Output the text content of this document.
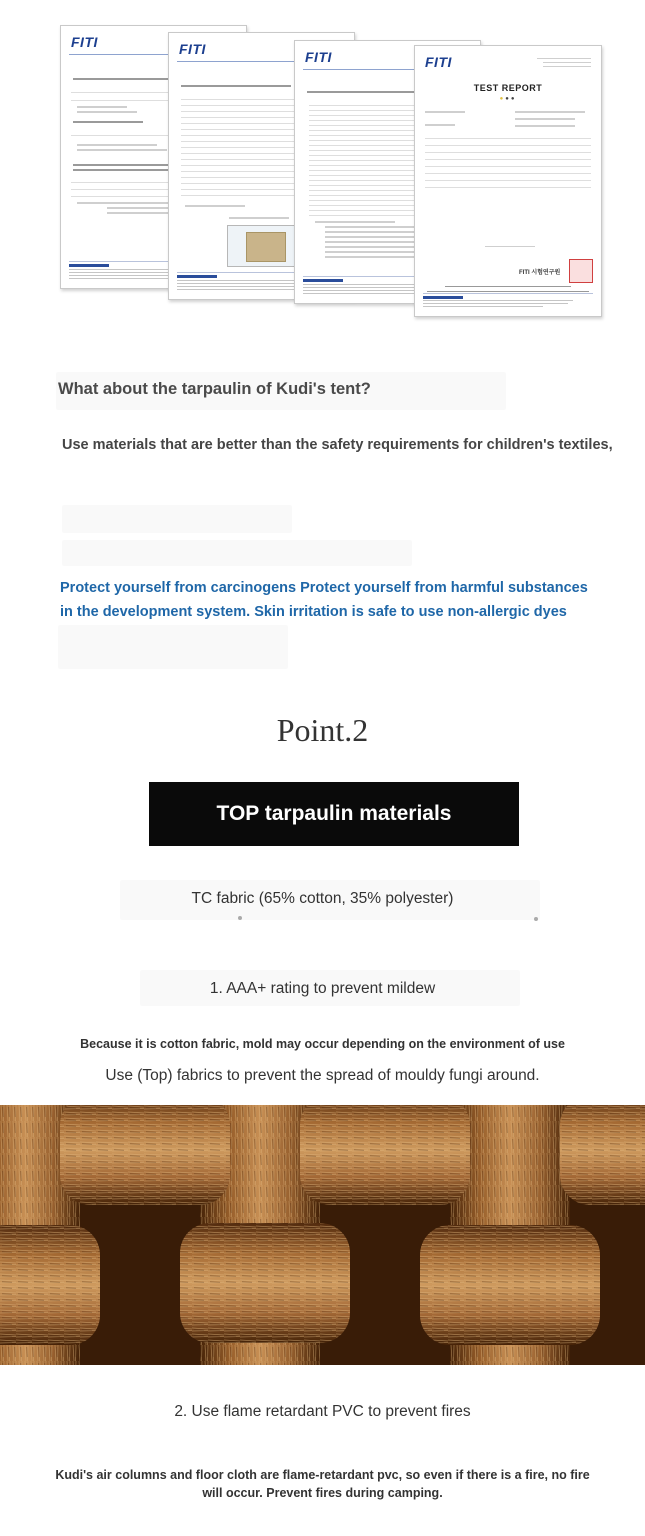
FITI	FITI	FITI	FITI
TEST REPORT
●●●
FITI 시험연구원
What about the tarpaulin of Kudi's tent?
Use materials that are better than the safety requirements for children's textiles,
Protect yourself from carcinogens Protect yourself from harmful substances
in the development system. Skin irritation is safe to use non-allergic dyes
Point.2
TOP tarpaulin materials
TC fabric (65% cotton, 35% polyester)
1. AAA+ rating to prevent mildew
Because it is cotton fabric, mold may occur depending on the environment of use
Use (Top) fabrics to prevent the spread of mouldy fungi around.
2. Use flame retardant PVC to prevent fires
Kudi's air columns and floor cloth are flame-retardant pvc, so even if there is a fire, no fire will occur. Prevent fires during camping.
